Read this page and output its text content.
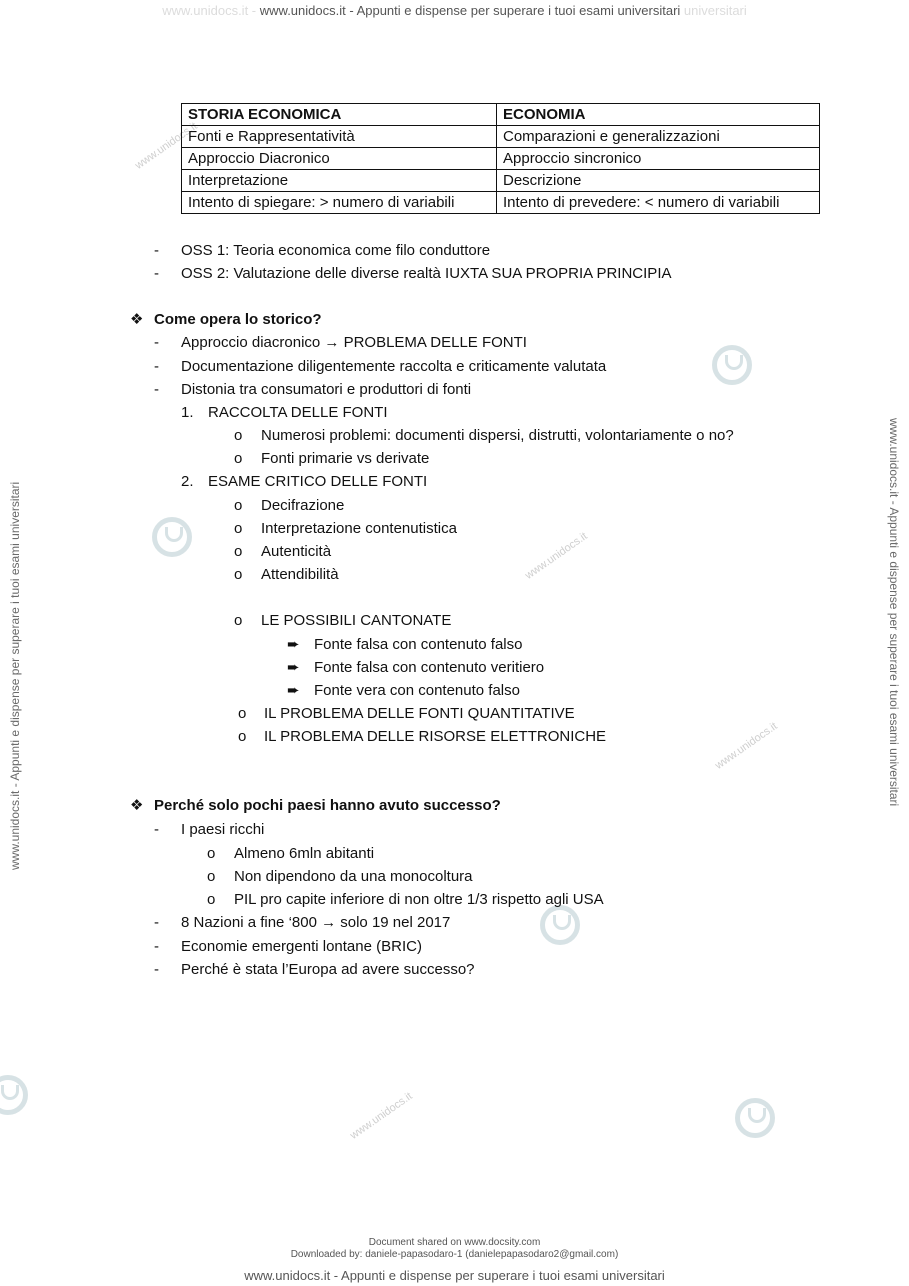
www.unidocs.it - www.unidocs.it - Appunti e dispense per superare i tuoi esami universitari universitari
www.unidocs.it - Appunti e dispense per superare i tuoi esami universitari	www.unidocs.it - Appunti e dispense per superare i tuoi esami universitari
www.unidocs.it
www.unidocs.it
www.unidocs.it
www.unidocs.it
STORIA ECONOMICA	ECONOMIA
Fonti e Rappresentatività	Comparazioni e generalizzazioni
Approccio Diacronico	Approccio sincronico
Interpretazione	Descrizione
Intento di spiegare: > numero di variabili	Intento di prevedere: < numero di variabili
- OSS 1: Teoria economica come filo conduttore
- OSS 2: Valutazione delle diverse realtà IUXTA SUA PROPRIA PRINCIPIA
❖ Come opera lo storico?
- Approccio diacronico → PROBLEMA DELLE FONTI
- Documentazione diligentemente raccolta e criticamente valutata
- Distonia tra consumatori e produttori di fonti
1. RACCOLTA DELLE FONTI
o Numerosi problemi: documenti dispersi, distrutti, volontariamente o no?
o Fonti primarie vs derivate
2. ESAME CRITICO DELLE FONTI
o Decifrazione
o Interpretazione contenutistica
o Autenticità
o Attendibilità
o LE POSSIBILI CANTONATE
➨ Fonte falsa con contenuto falso
➨ Fonte falsa con contenuto veritiero
➨ Fonte vera con contenuto falso
o IL PROBLEMA DELLE FONTI QUANTITATIVE
o IL PROBLEMA DELLE RISORSE ELETTRONICHE
❖ Perché solo pochi paesi hanno avuto successo?
- I paesi ricchi
o Almeno 6mln abitanti
o Non dipendono da una monocoltura
o PIL pro capite inferiore di non oltre 1/3 rispetto agli USA
- 8 Nazioni a fine ‘800 → solo 19 nel 2017
- Economie emergenti lontane (BRIC)
- Perché è stata l’Europa ad avere successo?
Document shared on www.docsity.com
Downloaded by: daniele-papasodaro-1 (danielepapasodaro2@gmail.com)
www.unidocs.it - Appunti e dispense per superare i tuoi esami universitari
